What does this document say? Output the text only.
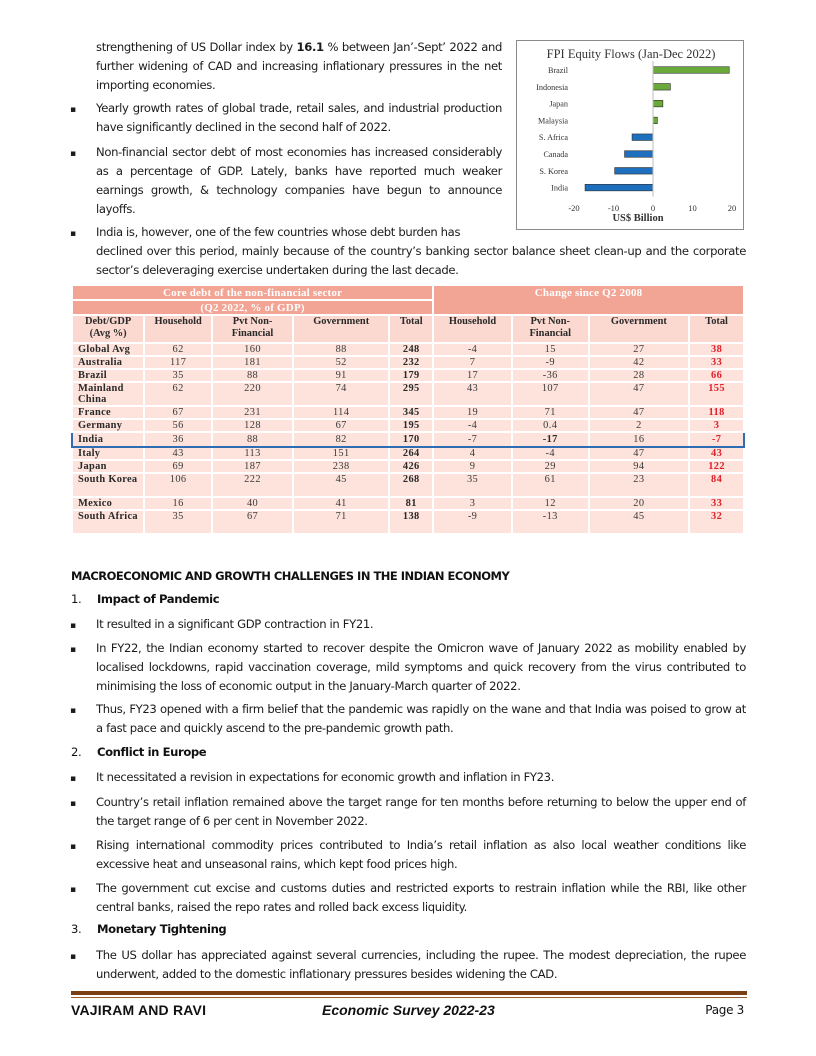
strengthening of US Dollar index by 16.1 % between Jan’-Sept’ 2022 and further widening of CAD and increasing inflationary pressures in the net importing economies.
▪
Yearly growth rates of global trade, retail sales, and industrial production have significantly declined in the second half of 2022.
▪
Non-financial sector debt of most economies has increased considerably as a percentage of GDP. Lately, banks have reported much weaker earnings growth, & technology companies have begun to announce layoffs.
▪
India is, however, one of the few countries whose debt burden has
declined over this period, mainly because of the country’s banking sector balance sheet clean-up and the corporate sector’s deleveraging exercise undertaken during the last decade.
FPI Equity Flows (Jan-Dec 2022)
Brazil
Indonesia
Japan
Malaysia
S. Africa
Canada
S. Korea
India
-20	-10	0	10	20
US$ Billion
Core debt of the non-financial sector					Change since Q2 2008			
(Q2 2022, % of GDP)								
Debt/GDP
(Avg %)	Household	Pvt Non-
Financial	Government	Total	Household	Pvt Non-
Financial	Government	Total
Global Avg	62	160	88	248	-4	15	27	38
Australia	117	181	52	232	7	-9	42	33
Brazil	35	88	91	179	17	-36	28	66
Mainland China	62	220	74	295	43	107	47	155
France	67	231	114	345	19	71	47	118
Germany	56	128	67	195	-4	0.4	2	3
India	36	88	82	170	-7	-17	16	-7
Italy	43	113	151	264	4	-4	47	43
Japan	69	187	238	426	9	29	94	122
South Korea	106	222	45	268	35	61	23	84
Mexico	16	40	41	81	3	12	20	33
South Africa	35	67	71	138	-9	-13	45	32
MACROECONOMIC AND GROWTH CHALLENGES IN THE INDIAN ECONOMY
1. Impact of Pandemic
▪
It resulted in a significant GDP contraction in FY21.
▪
In FY22, the Indian economy started to recover despite the Omicron wave of January 2022 as mobility enabled by localised lockdowns, rapid vaccination coverage, mild symptoms and quick recovery from the virus contributed to minimising the loss of economic output in the January-March quarter of 2022.
▪
Thus, FY23 opened with a firm belief that the pandemic was rapidly on the wane and that India was poised to grow at a fast pace and quickly ascend to the pre-pandemic growth path.
2. Conflict in Europe
▪
It necessitated a revision in expectations for economic growth and inflation in FY23.
▪
Country’s retail inflation remained above the target range for ten months before returning to below the upper end of the target range of 6 per cent in November 2022.
▪
Rising international commodity prices contributed to India’s retail inflation as also local weather conditions like excessive heat and unseasonal rains, which kept food prices high.
▪
The government cut excise and customs duties and restricted exports to restrain inflation while the RBI, like other central banks, raised the repo rates and rolled back excess liquidity.
3. Monetary Tightening
▪
The US dollar has appreciated against several currencies, including the rupee. The modest depreciation, the rupee underwent, added to the domestic inflationary pressures besides widening the CAD.
VAJIRAM AND RAVI	Economic Survey 2022-23	Page 3
